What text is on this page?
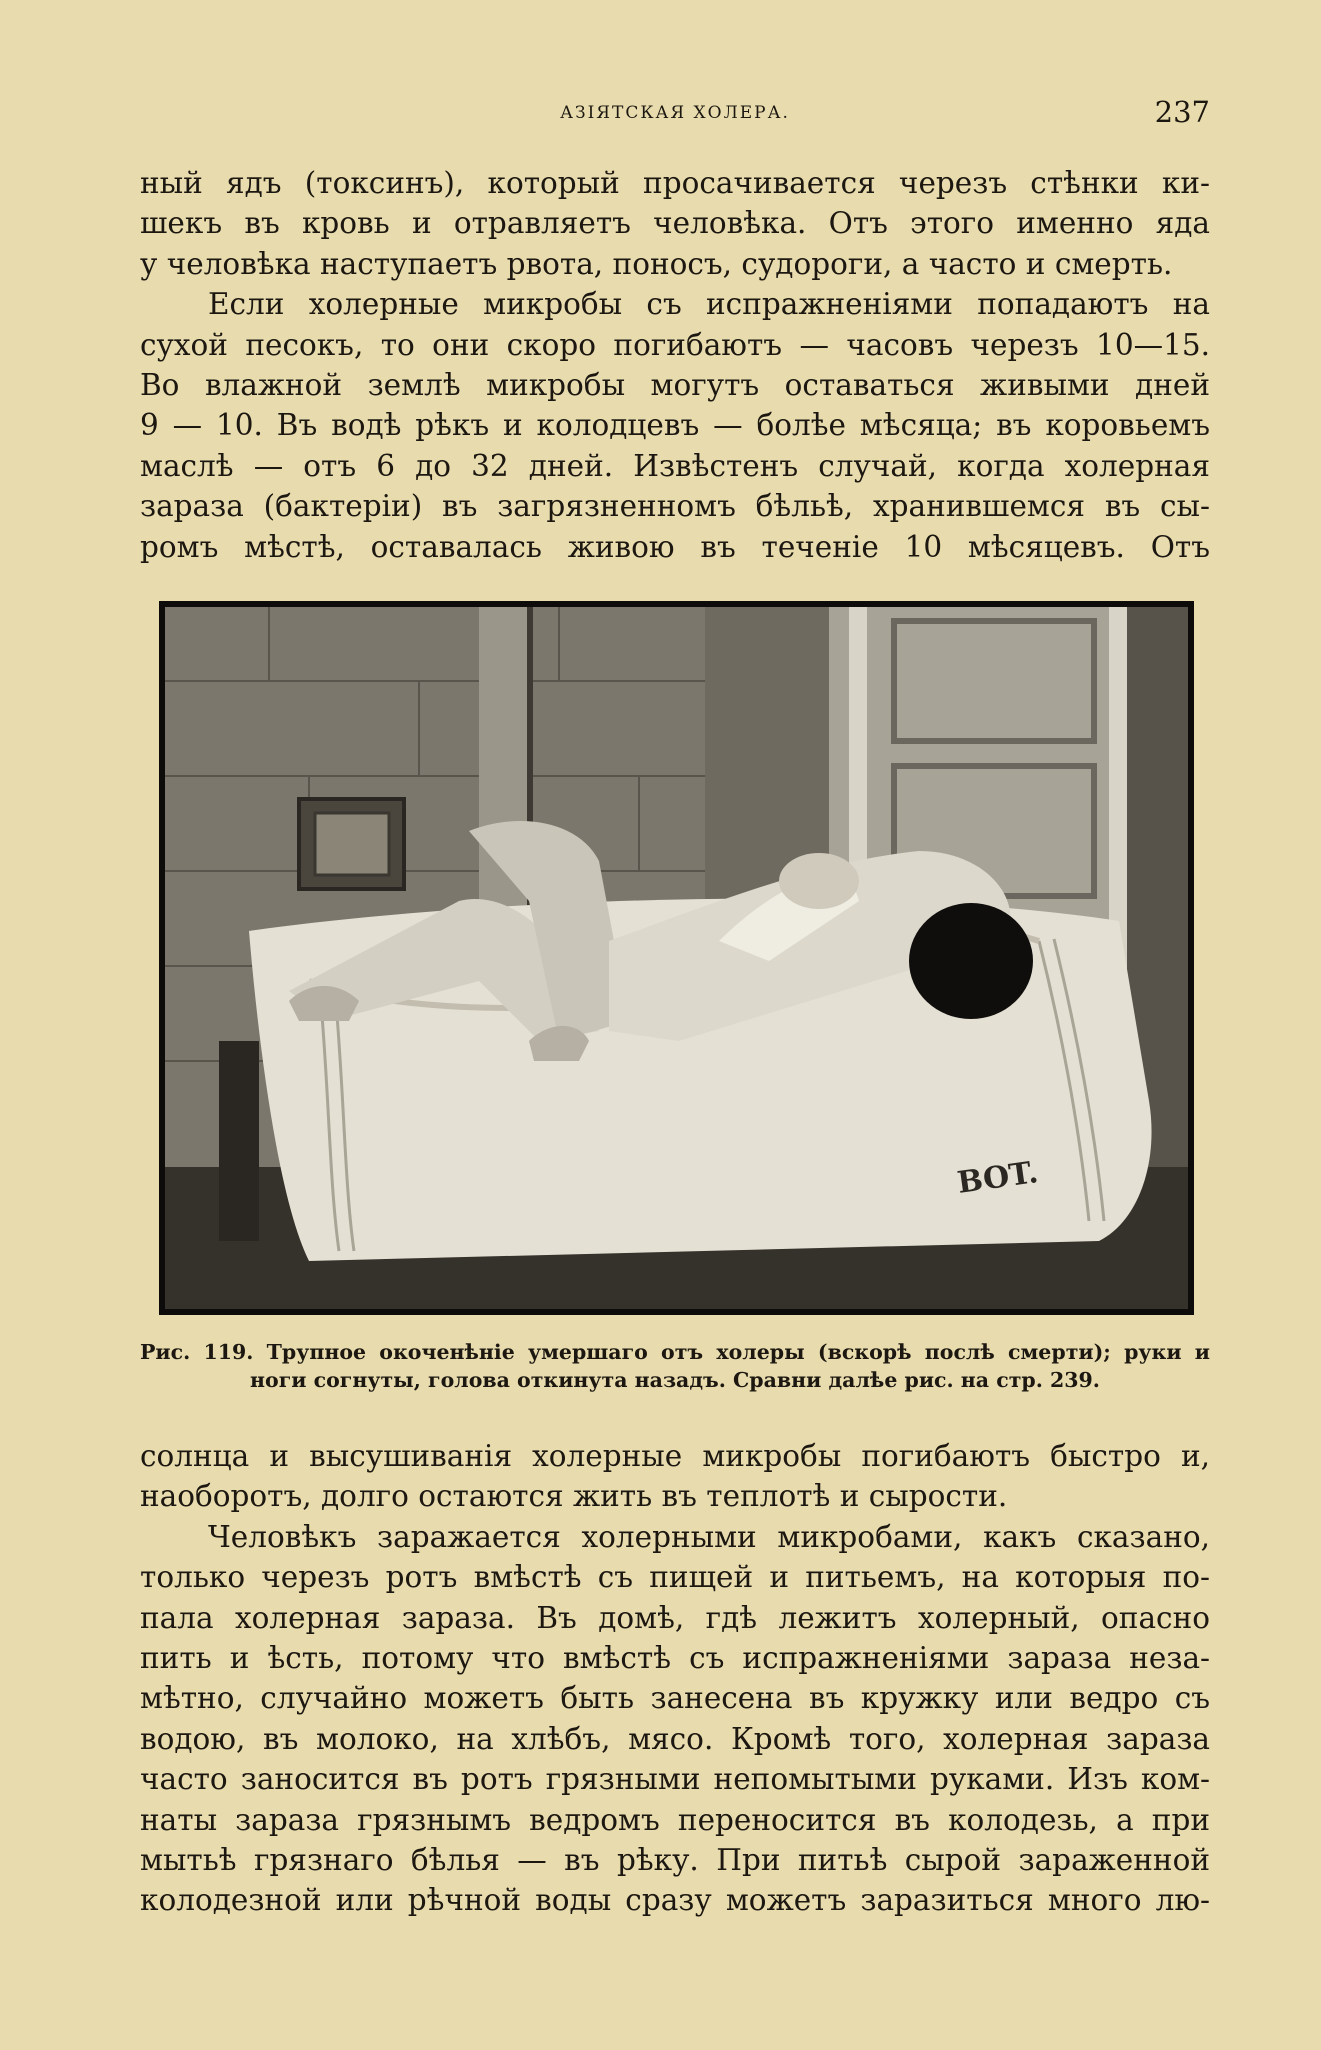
АЗІЯТСКАЯ ХОЛЕРА.	237

ный ядъ (токсинъ), который просачивается черезъ стѣнки ки-
шекъ въ кровь и отравляетъ человѣка. Отъ этого именно яда
у человѣка наступаетъ рвота, поносъ, судороги, а часто и смерть.

Если холерные микробы съ испражненіями попадаютъ на
сухой песокъ, то они скоро погибаютъ — часовъ черезъ 10—15.
Во влажной землѣ микробы могутъ оставаться живыми дней
9 — 10. Въ водѣ рѣкъ и колодцевъ — болѣе мѣсяца; въ коровьемъ
маслѣ — отъ 6 до 32 дней. Извѣстенъ случай, когда холерная
зараза (бактеріи) въ загрязненномъ бѣльѣ, хранившемся въ сы-
ромъ мѣстѣ, оставалась живою въ теченіе 10 мѣсяцевъ. Отъ

BOT.
Рис. 119. Трупное окоченѣніе умершаго отъ холеры (вскорѣ послѣ смерти); руки и
ноги согнуты, голова откинута назадъ. Сравни далѣе рис. на стр. 239.

солнца и высушиванія холерные микробы погибаютъ быстро и,
наоборотъ, долго остаются жить въ теплотѣ и сырости.

Человѣкъ заражается холерными микробами, какъ сказано,
только черезъ ротъ вмѣстѣ съ пищей и питьемъ, на которыя по-
пала холерная зараза. Въ домѣ, гдѣ лежитъ холерный, опасно
пить и ѣсть, потому что вмѣстѣ съ испражненіями зараза неза-
мѣтно, случайно можетъ быть занесена въ кружку или ведро съ
водою, въ молоко, на хлѣбъ, мясо. Кромѣ того, холерная зараза
часто заносится въ ротъ грязными непомытыми руками. Изъ ком-
наты зараза грязнымъ ведромъ переносится въ колодезь, а при
мытьѣ грязнаго бѣлья — въ рѣку. При питьѣ сырой зараженной
колодезной или рѣчной воды сразу можетъ заразиться много лю-
